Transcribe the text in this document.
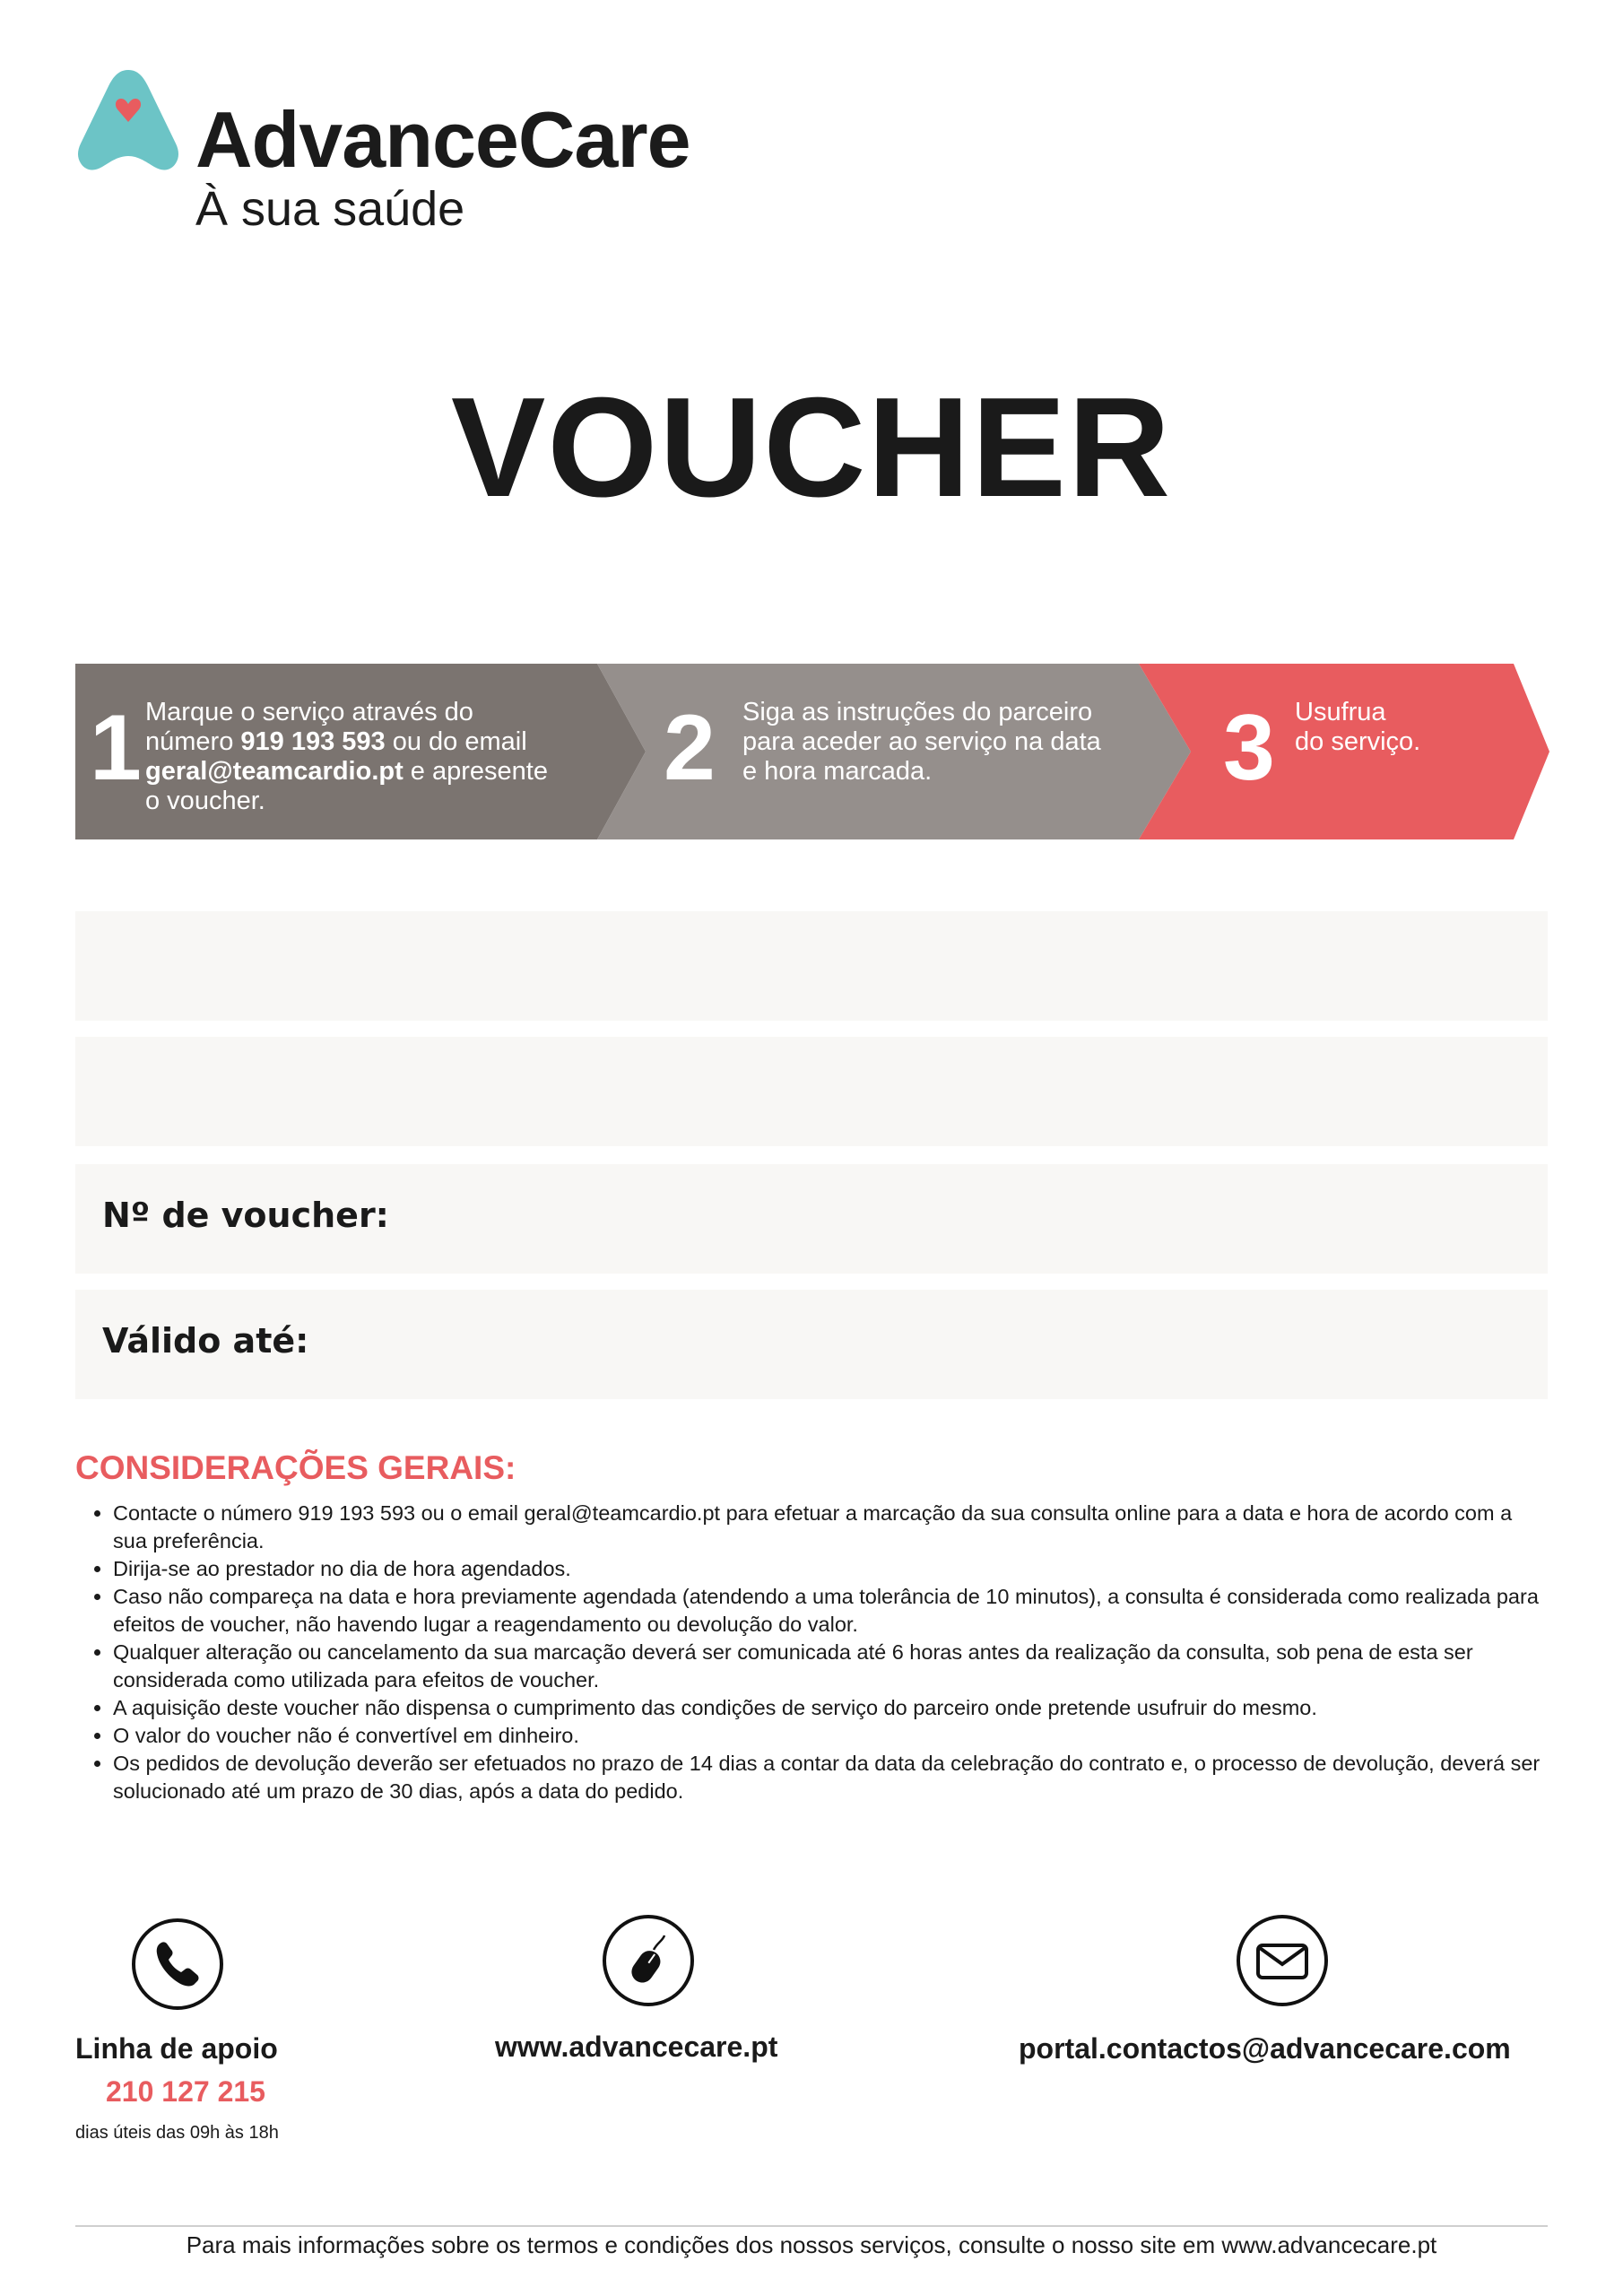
AdvanceCare
À sua saúde
VOUCHER
1 Marque o serviço através do
número 919 193 593 ou do email
geral@teamcardio.pt e apresente
o voucher.
2 Siga as instruções do parceiro
para aceder ao serviço na data
e hora marcada.	3 Usufrua
do serviço.
Nº de voucher:
Válido até:
CONSIDERAÇÕES GERAIS:
• Contacte o número 919 193 593 ou o email geral@teamcardio.pt para efetuar a marcação da sua consulta online para a data e hora de acordo com a sua preferência.
• Dirija-se ao prestador no dia de hora agendados.
• Caso não compareça na data e hora previamente agendada (atendendo a uma tolerância de 10 minutos), a consulta é considerada como realizada para efeitos de voucher, não havendo lugar a reagendamento ou devolução do valor.
• Qualquer alteração ou cancelamento da sua marcação deverá ser comunicada até 6 horas antes da realização da consulta, sob pena de esta ser considerada como utilizada para efeitos de voucher.
• A aquisição deste voucher não dispensa o cumprimento das condições de serviço do parceiro onde pretende usufruir do mesmo.
• O valor do voucher não é convertível em dinheiro.
• Os pedidos de devolução deverão ser efetuados no prazo de 14 dias a contar da data da celebração do contrato e, o processo de devolução, deverá ser solucionado até um prazo de 30 dias, após a data do pedido.
Linha de apoio
210 127 215
dias úteis das 09h às 18h
www.advancecare.pt	portal.contactos@advancecare.com
Para mais informações sobre os termos e condições dos nossos serviços, consulte o nosso site em www.advancecare.pt
